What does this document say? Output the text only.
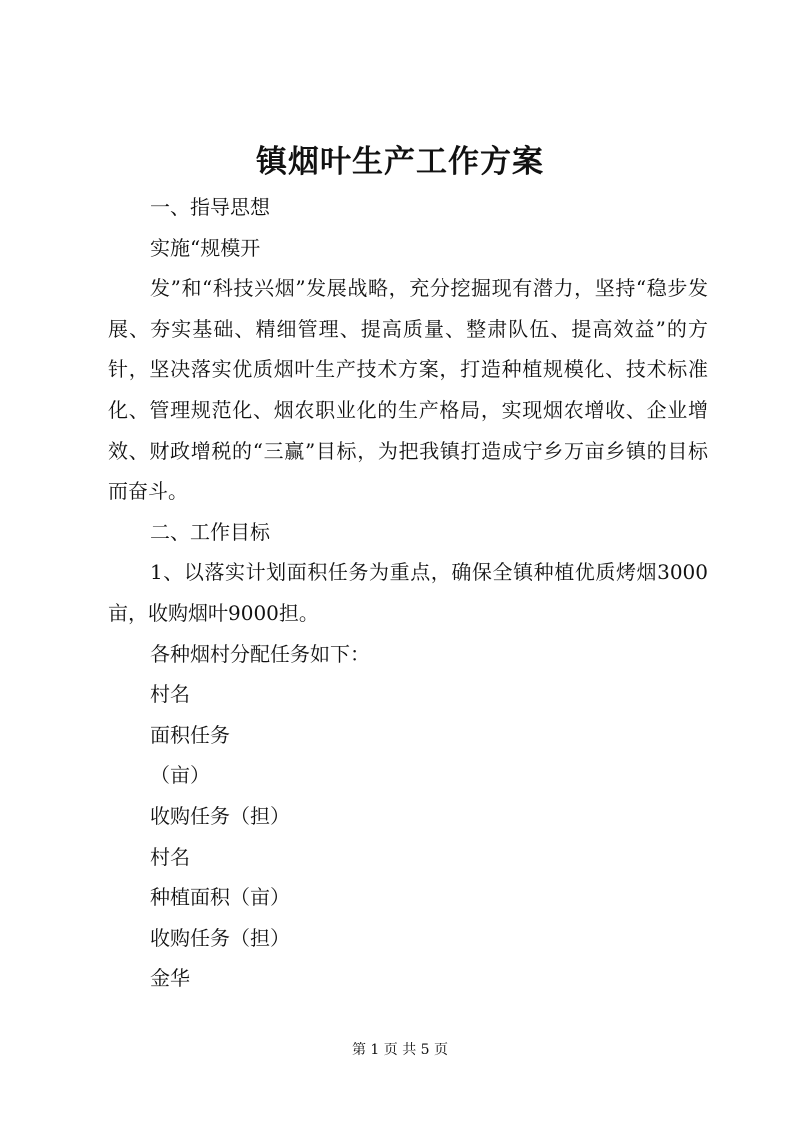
镇烟叶生产工作方案

一、指导思想

实施“规模开

发”和“科技兴烟”发展战略，充分挖掘现有潜力，坚持“稳步发展、夯实基础、精细管理、提高质量、整肃队伍、提高效益”的方针，坚决落实优质烟叶生产技术方案，打造种植规模化、技术标准化、管理规范化、烟农职业化的生产格局，实现烟农增收、企业增效、财政增税的“三赢”目标，为把我镇打造成宁乡万亩乡镇的目标而奋斗。

二、工作目标

1、以落实计划面积任务为重点，确保全镇种植优质烤烟3000亩，收购烟叶9000担。

各种烟村分配任务如下：

村名

面积任务

（亩）

收购任务（担）

村名

种植面积（亩）

收购任务（担）

金华

第 1 页 共 5 页
